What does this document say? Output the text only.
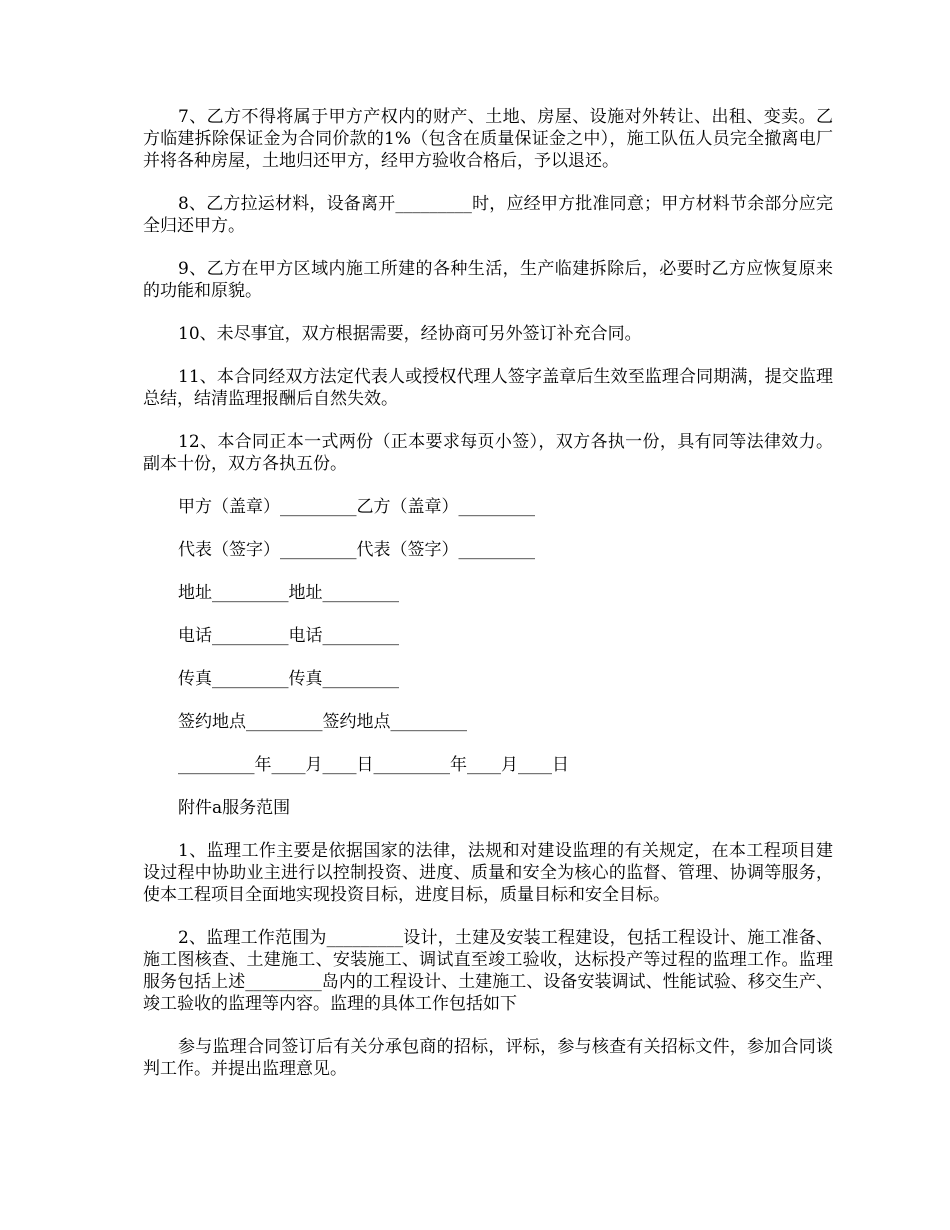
7、乙方不得将属于甲方产权内的财产、土地、房屋、设施对外转让、出租、变卖。乙方临建拆除保证金为合同价款的1%（包含在质量保证金之中），施工队伍人员完全撤离电厂并将各种房屋，土地归还甲方，经甲方验收合格后，予以退还。

8、乙方拉运材料，设备离开_________时，应经甲方批准同意；甲方材料节余部分应完全归还甲方。

9、乙方在甲方区域内施工所建的各种生活，生产临建拆除后，必要时乙方应恢复原来的功能和原貌。

10、未尽事宜，双方根据需要，经协商可另外签订补充合同。

11、本合同经双方法定代表人或授权代理人签字盖章后生效至监理合同期满，提交监理总结，结清监理报酬后自然失效。

12、本合同正本一式两份（正本要求每页小签），双方各执一份，具有同等法律效力。副本十份，双方各执五份。

甲方（盖章）_________乙方（盖章）_________
代表（签字）_________代表（签字）_________
地址_________地址_________
电话_________电话_________
传真_________传真_________
签约地点_________签约地点_________
_________年____月____日_________年____月____日
附件a服务范围

1、监理工作主要是依据国家的法律，法规和对建设监理的有关规定，在本工程项目建设过程中协助业主进行以控制投资、进度、质量和安全为核心的监督、管理、协调等服务，使本工程项目全面地实现投资目标，进度目标，质量目标和安全目标。

2、监理工作范围为_________设计，土建及安装工程建设，包括工程设计、施工准备、施工图核查、土建施工、安装施工、调试直至竣工验收，达标投产等过程的监理工作。监理服务包括上述_________岛内的工程设计、土建施工、设备安装调试、性能试验、移交生产、竣工验收的监理等内容。监理的具体工作包括如下

参与监理合同签订后有关分承包商的招标，评标，参与核查有关招标文件，参加合同谈判工作。并提出监理意见。
